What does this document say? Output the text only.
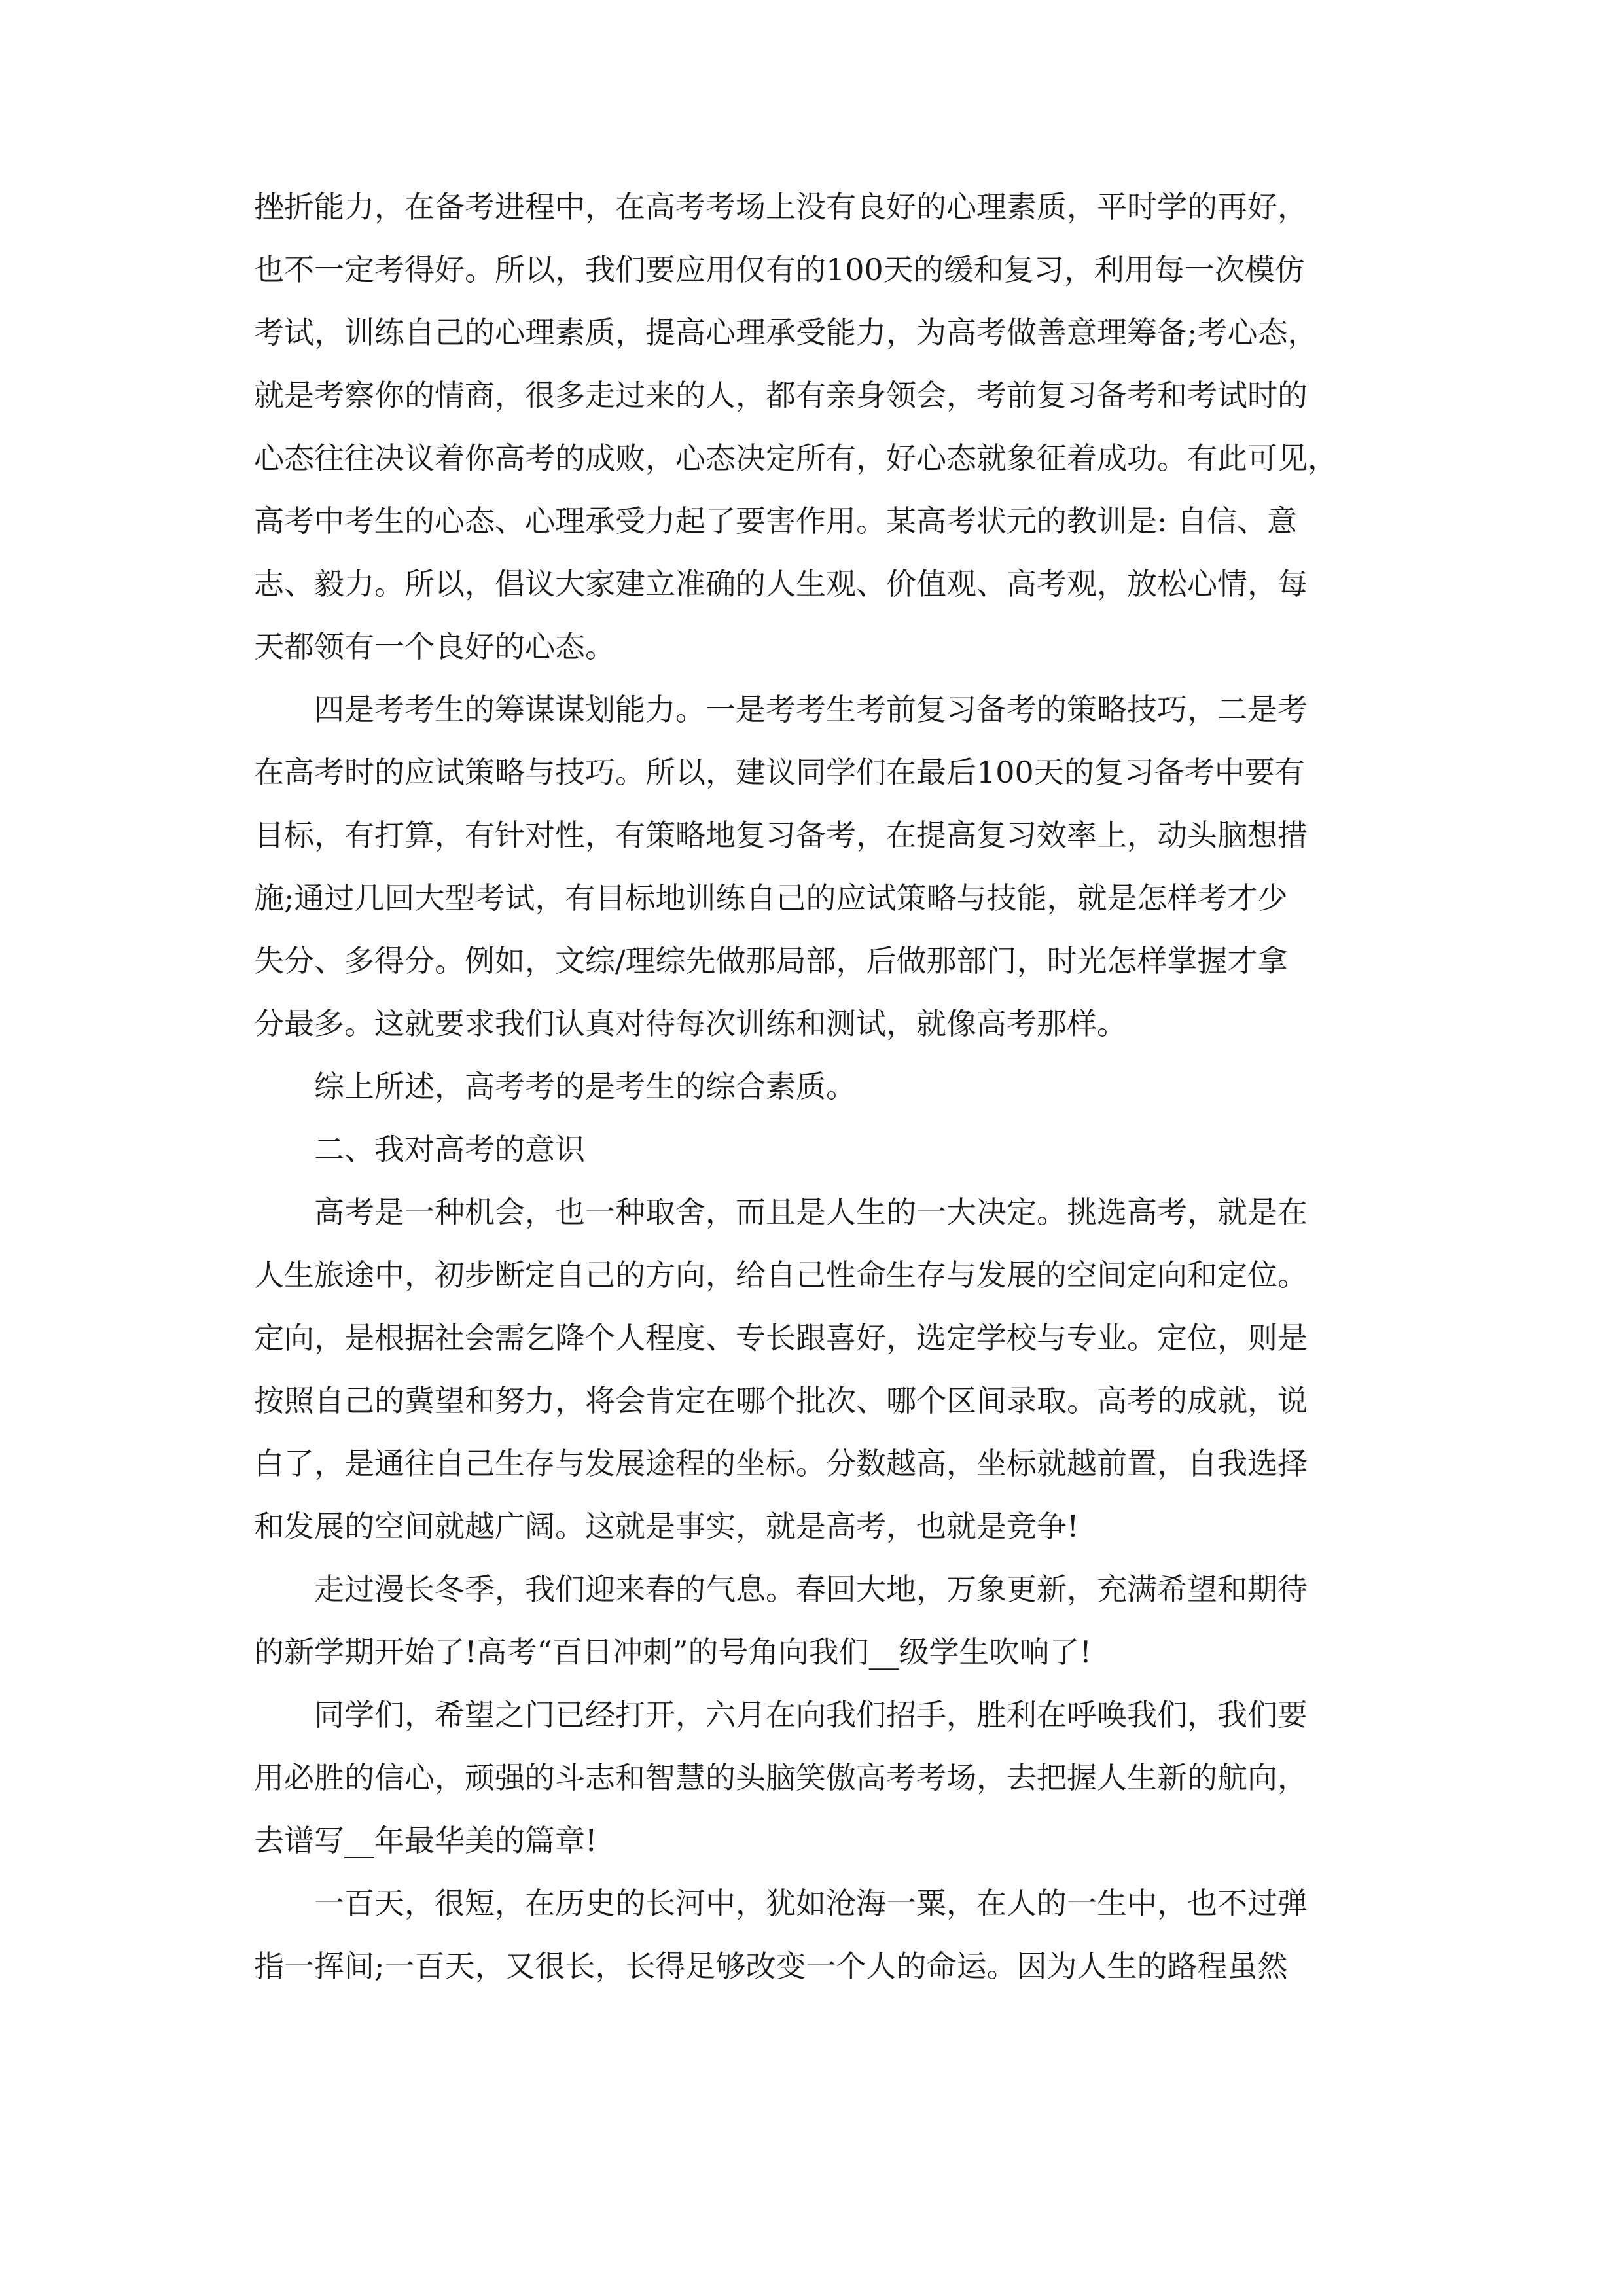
挫折能力，在备考进程中，在高考考场上没有良好的心理素质，平时学的再好，
也不一定考得好。所以，我们要应用仅有的100天的缓和复习，利用每一次模仿
考试，训练自己的心理素质，提高心理承受能力，为高考做善意理筹备;考心态，
就是考察你的情商，很多走过来的人，都有亲身领会，考前复习备考和考试时的
心态往往决议着你高考的成败，心态决定所有，好心态就象征着成功。有此可见，
高考中考生的心态、心理承受力起了要害作用。某高考状元的教训是: 自信、意
志、毅力。所以，倡议大家建立准确的人生观、价值观、高考观，放松心情，每
天都领有一个良好的心态。
四是考考生的筹谋谋划能力。一是考考生考前复习备考的策略技巧，二是考
在高考时的应试策略与技巧。所以，建议同学们在最后100天的复习备考中要有
目标，有打算，有针对性，有策略地复习备考，在提高复习效率上，动头脑想措
施;通过几回大型考试，有目标地训练自己的应试策略与技能，就是怎样考才少
失分、多得分。例如，文综/理综先做那局部，后做那部门，时光怎样掌握才拿
分最多。这就要求我们认真对待每次训练和测试，就像高考那样。
综上所述，高考考的是考生的综合素质。
二、我对高考的意识
高考是一种机会，也一种取舍，而且是人生的一大决定。挑选高考，就是在
人生旅途中，初步断定自己的方向，给自己性命生存与发展的空间定向和定位。
定向，是根据社会需乞降个人程度、专长跟喜好，选定学校与专业。定位，则是
按照自己的冀望和努力，将会肯定在哪个批次、哪个区间录取。高考的成就，说
白了，是通往自己生存与发展途程的坐标。分数越高，坐标就越前置，自我选择
和发展的空间就越广阔。这就是事实，就是高考，也就是竞争!
走过漫长冬季，我们迎来春的气息。春回大地，万象更新，充满希望和期待
的新学期开始了!高考“百日冲刺”的号角向我们__级学生吹响了!
同学们，希望之门已经打开，六月在向我们招手，胜利在呼唤我们，我们要
用必胜的信心，顽强的斗志和智慧的头脑笑傲高考考场，去把握人生新的航向，
去谱写__年最华美的篇章!
一百天，很短，在历史的长河中，犹如沧海一粟，在人的一生中，也不过弹
指一挥间;一百天，又很长，长得足够改变一个人的命运。因为人生的路程虽然
